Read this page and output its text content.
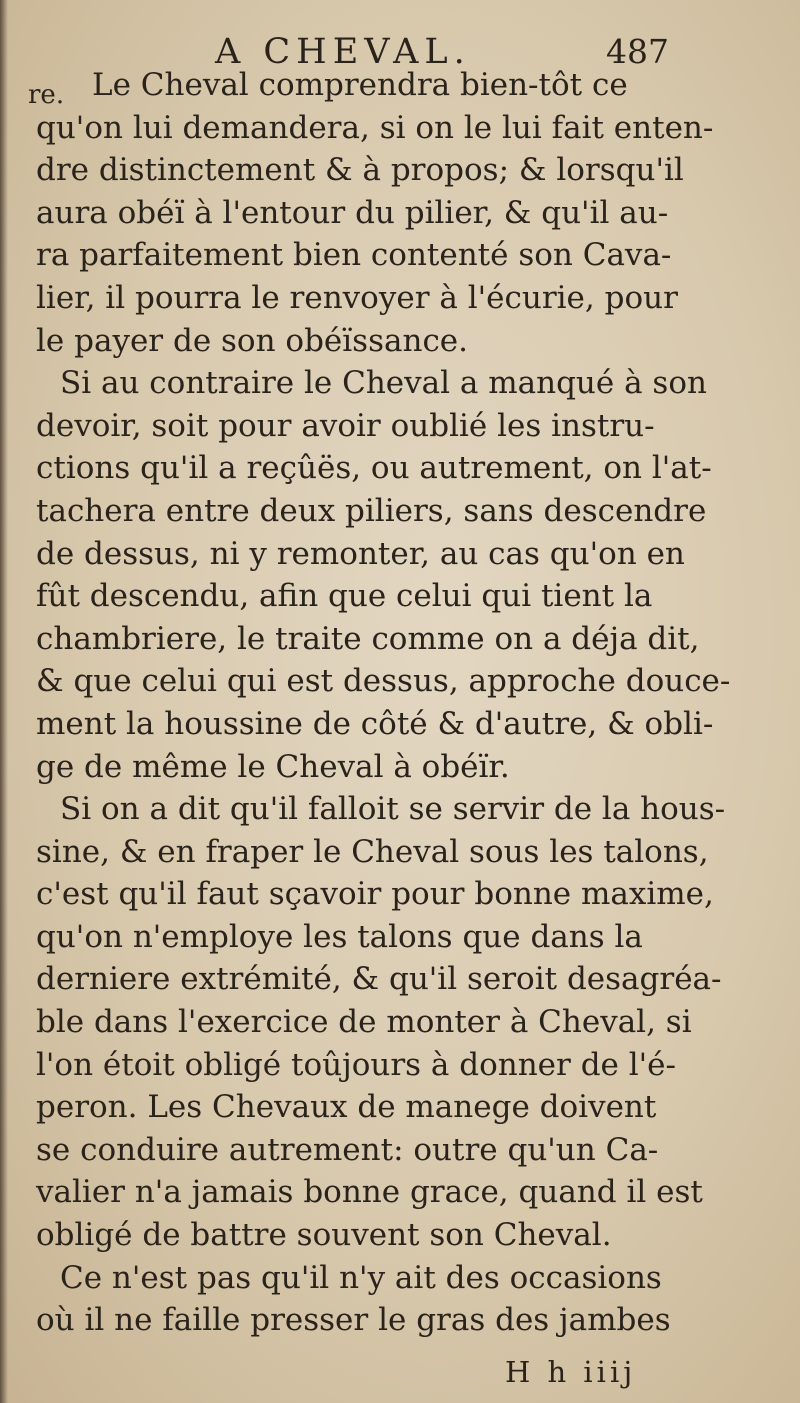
A CHEVAL.	487
re. Le Cheval comprendra bien-tôt ce
qu'on lui demandera, si on le lui fait enten-
dre distinctement & à propos; & lorsqu'il
aura obéï à l'entour du pilier, & qu'il au-
ra parfaitement bien contenté son Cava-
lier, il pourra le renvoyer à l'écurie, pour
le payer de son obéïssance.
Si au contraire le Cheval a manqué à son
devoir, soit pour avoir oublié les instru-
ctions qu'il a reçûës, ou autrement, on l'at-
tachera entre deux piliers, sans descendre
de dessus, ni y remonter, au cas qu'on en
fût descendu, afin que celui qui tient la
chambriere, le traite comme on a déja dit,
& que celui qui est dessus, approche douce-
ment la houssine de côté & d'autre, & obli-
ge de même le Cheval à obéïr.
Si on a dit qu'il falloit se servir de la hous-
sine, & en fraper le Cheval sous les talons,
c'est qu'il faut sçavoir pour bonne maxime,
qu'on n'employe les talons que dans la
derniere extrémité, & qu'il seroit desagréa-
ble dans l'exercice de monter à Cheval, si
l'on étoit obligé toûjours à donner de l'é-
peron. Les Chevaux de manege doivent
se conduire autrement: outre qu'un Ca-
valier n'a jamais bonne grace, quand il est
obligé de battre souvent son Cheval.
Ce n'est pas qu'il n'y ait des occasions
où il ne faille presser le gras des jambes
H h iiij
